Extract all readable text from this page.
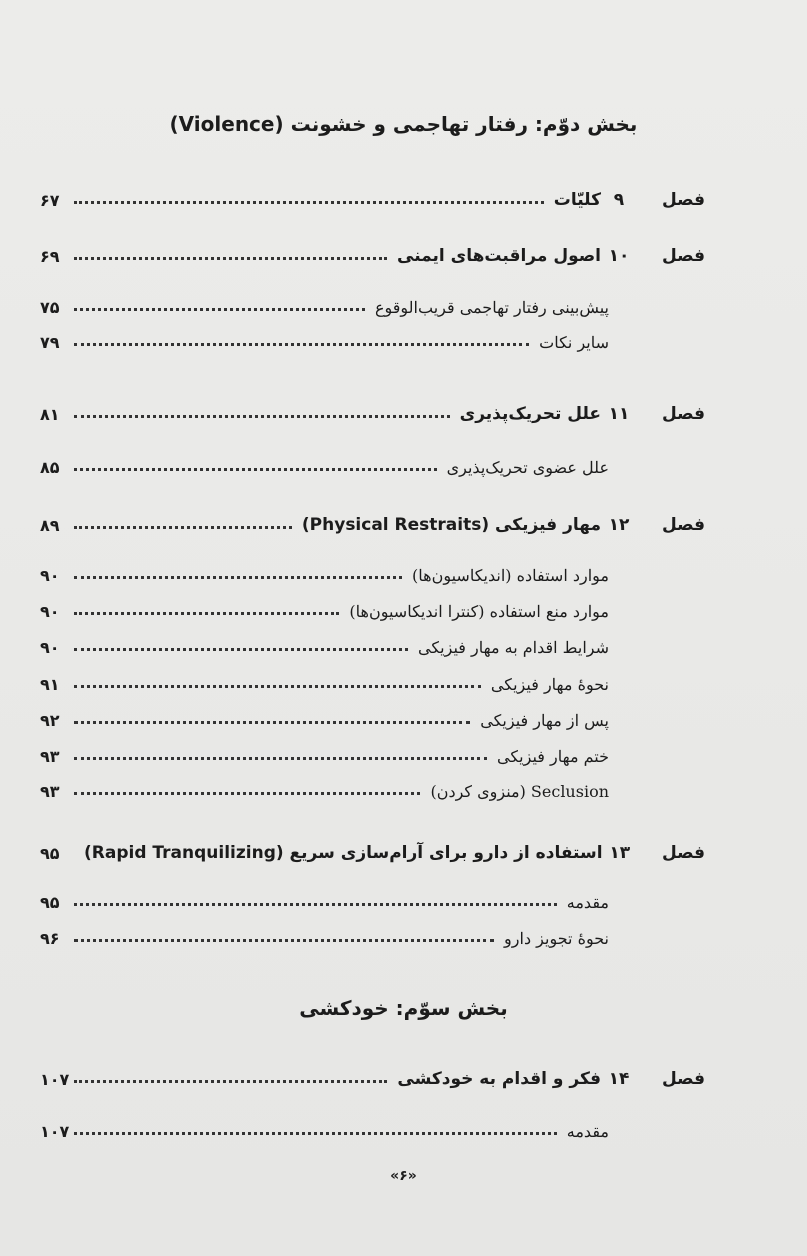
بخش دوّم: رفتار تهاجمی و خشونت (Violence)
فصل
۹
کلیّات
۶۷
فصل
۱۰
اصول مراقبت‌های ایمنی
۶۹
پیش‌بینی رفتار تهاجمی قریب‌الوقوع
۷۵
سایر نکات
۷۹
فصل
۱۱
علل تحریک‌پذیری
۸۱
علل عضوی تحریک‌پذیری
۸۵
فصل
۱۲
مهار فیزیکی (Physical Restraits)
۸۹
موارد استفاده (اندیکاسیون‌ها)
۹۰
موارد منع استفاده (کنترا اندیکاسیون‌ها)
۹۰
شرایط اقدام به مهار فیزیکی
۹۰
نحوهٔ مهار فیزیکی
۹۱
پس از مهار فیزیکی
۹۲
ختم مهار فیزیکی
۹۳
Seclusion (منزوی کردن)
۹۳
فصل
۱۳
استفاده از دارو برای آرام‌سازی سریع (Rapid Tranquilizing)
۹۵
مقدمه
۹۵
نحوهٔ تجویز دارو
۹۶
فصل
۱۴
فکر و اقدام به خودکشی
۱۰۷
مقدمه
۱۰۷
بخش سوّم: خودکشی
«۶»
